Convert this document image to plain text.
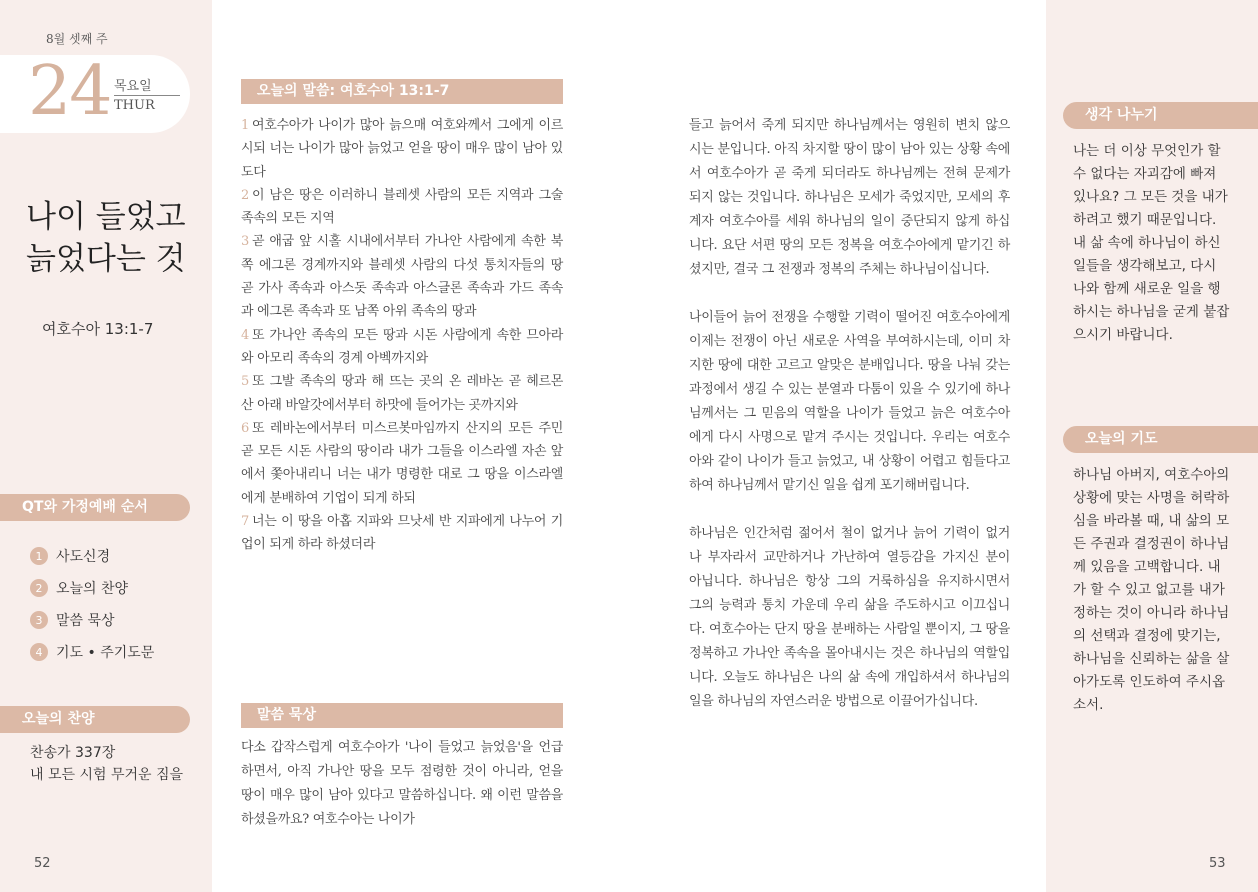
8월 셋째 주
24 목요일
THUR
나이 들었고
늙었다는 것
여호수아 13:1-7
QT와 가정예배 순서
1 사도신경
2 오늘의 찬양
3 말씀 묵상
4 기도 • 주기도문
오늘의 찬양
찬송가 337장
내 모든 시험 무거운 짐을
52
오늘의 말씀: 여호수아 13:1-7

1 여호수아가 나이가 많아 늙으매 여호와께서 그에게 이르시되 너는 나이가 많아 늙었고 얻을 땅이 매우 많이 남아 있도다

2 이 남은 땅은 이러하니 블레셋 사람의 모든 지역과 그술 족속의 모든 지역

3 곧 애굽 앞 시홀 시내에서부터 가나안 사람에게 속한 북쪽 에그론 경계까지와 블레셋 사람의 다섯 통치자들의 땅 곧 가사 족속과 아스돗 족속과 아스글론 족속과 가드 족속과 에그론 족속과 또 남쪽 아위 족속의 땅과

4 또 가나안 족속의 모든 땅과 시돈 사람에게 속한 므아라와 아모리 족속의 경계 아벡까지와

5 또 그발 족속의 땅과 해 뜨는 곳의 온 레바논 곧 헤르몬 산 아래 바알갓에서부터 하맛에 들어가는 곳까지와

6 또 레바논에서부터 미스르봇마임까지 산지의 모든 주민 곧 모든 시돈 사람의 땅이라 내가 그들을 이스라엘 자손 앞에서 쫓아내리니 너는 내가 명령한 대로 그 땅을 이스라엘에게 분배하여 기업이 되게 하되

7 너는 이 땅을 아홉 지파와 므낫세 반 지파에게 나누어 기업이 되게 하라 하셨더라

말씀 묵상

다소 갑작스럽게 여호수아가 '나이 들었고 늙었음'을 언급하면서, 아직 가나안 땅을 모두 점령한 것이 아니라, 얻을 땅이 매우 많이 남아 있다고 말씀하십니다. 왜 이런 말씀을 하셨을까요? 여호수아는 나이가

들고 늙어서 죽게 되지만 하나님께서는 영원히 변치 않으시는 분입니다. 아직 차지할 땅이 많이 남아 있는 상황 속에서 여호수아가 곧 죽게 되더라도 하나님께는 전혀 문제가 되지 않는 것입니다. 하나님은 모세가 죽었지만, 모세의 후계자 여호수아를 세워 하나님의 일이 중단되지 않게 하십니다. 요단 서편 땅의 모든 정복을 여호수아에게 맡기긴 하셨지만, 결국 그 전쟁과 정복의 주체는 하나님이십니다.

나이들어 늙어 전쟁을 수행할 기력이 떨어진 여호수아에게 이제는 전쟁이 아닌 새로운 사역을 부여하시는데, 이미 차지한 땅에 대한 고르고 알맞은 분배입니다. 땅을 나눠 갖는 과정에서 생길 수 있는 분열과 다툼이 있을 수 있기에 하나님께서는 그 믿음의 역할을 나이가 들었고 늙은 여호수아에게 다시 사명으로 맡겨 주시는 것입니다. 우리는 여호수아와 같이 나이가 들고 늙었고, 내 상황이 어렵고 힘들다고 하여 하나님께서 맡기신 일을 쉽게 포기해버립니다.

하나님은 인간처럼 젊어서 철이 없거나 늙어 기력이 없거나 부자라서 교만하거나 가난하여 열등감을 가지신 분이 아닙니다. 하나님은 항상 그의 거룩하심을 유지하시면서 그의 능력과 통치 가운데 우리 삶을 주도하시고 이끄십니다. 여호수아는 단지 땅을 분배하는 사람일 뿐이지, 그 땅을 정복하고 가나안 족속을 몰아내시는 것은 하나님의 역할입니다. 오늘도 하나님은 나의 삶 속에 개입하셔서 하나님의 일을 하나님의 자연스러운 방법으로 이끌어가십니다.

생각 나누기
나는 더 이상 무엇인가 할 수 없다는 자괴감에 빠져 있나요? 그 모든 것을 내가 하려고 했기 때문입니다. 내 삶 속에 하나님이 하신 일들을 생각해보고, 다시 나와 함께 새로운 일을 행하시는 하나님을 굳게 붙잡으시기 바랍니다.
오늘의 기도
하나님 아버지, 여호수아의 상황에 맞는 사명을 허락하심을 바라볼 때, 내 삶의 모든 주권과 결정권이 하나님께 있음을 고백합니다. 내가 할 수 있고 없고를 내가 정하는 것이 아니라 하나님의 선택과 결정에 맞기는, 하나님을 신뢰하는 삶을 살아가도록 인도하여 주시옵소서.
53
